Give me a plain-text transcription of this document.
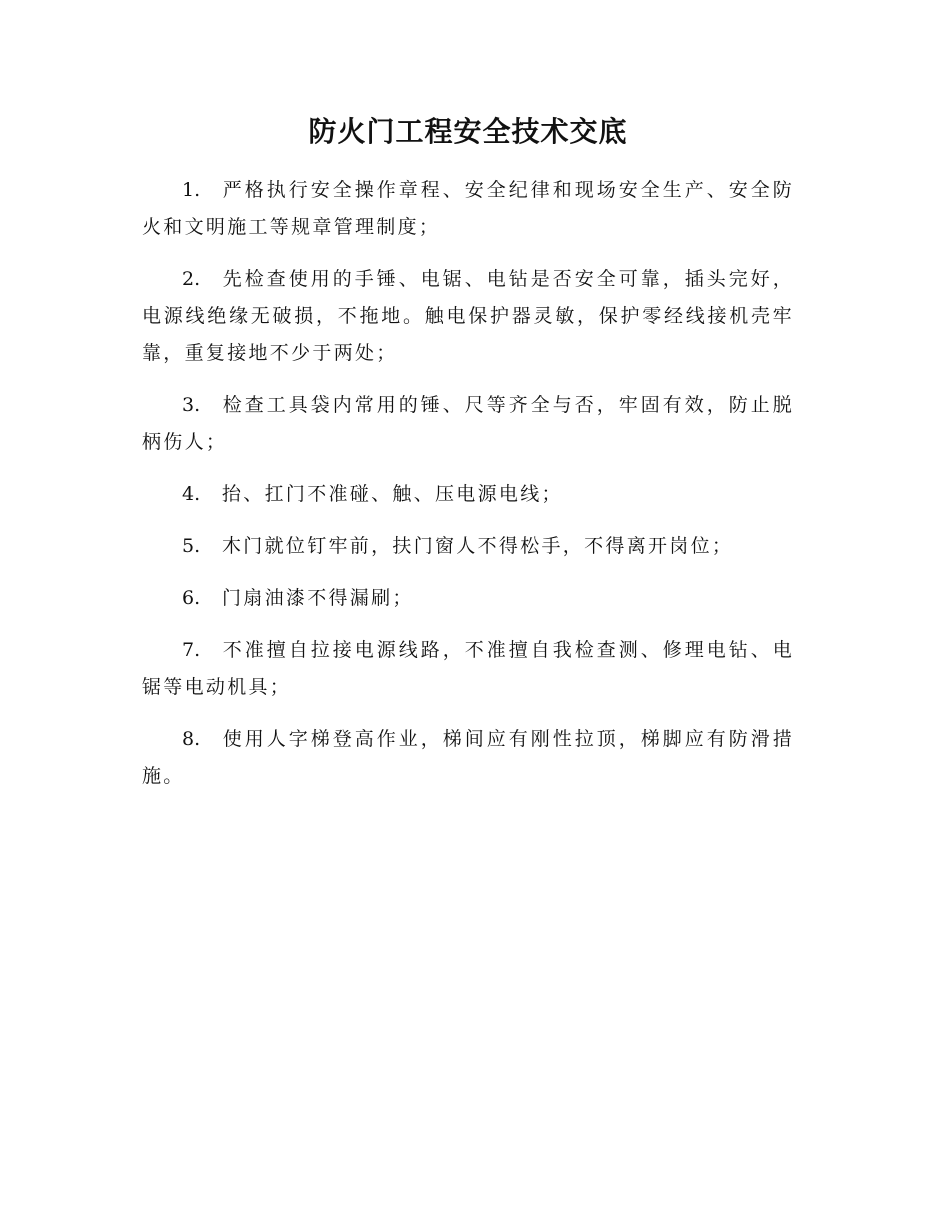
防火门工程安全技术交底

1. 严格执行安全操作章程、安全纪律和现场安全生产、安全防火和文明施工等规章管理制度；

2. 先检查使用的手锤、电锯、电钻是否安全可靠，插头完好，电源线绝缘无破损，不拖地。触电保护器灵敏，保护零经线接机壳牢靠，重复接地不少于两处；

3. 检查工具袋内常用的锤、尺等齐全与否，牢固有效，防止脱柄伤人；

4. 抬、扛门不准碰、触、压电源电线；

5. 木门就位钉牢前，扶门窗人不得松手，不得离开岗位；

6. 门扇油漆不得漏刷；

7. 不准擅自拉接电源线路，不准擅自我检查测、修理电钻、电锯等电动机具；

8. 使用人字梯登高作业，梯间应有刚性拉顶，梯脚应有防滑措施。
